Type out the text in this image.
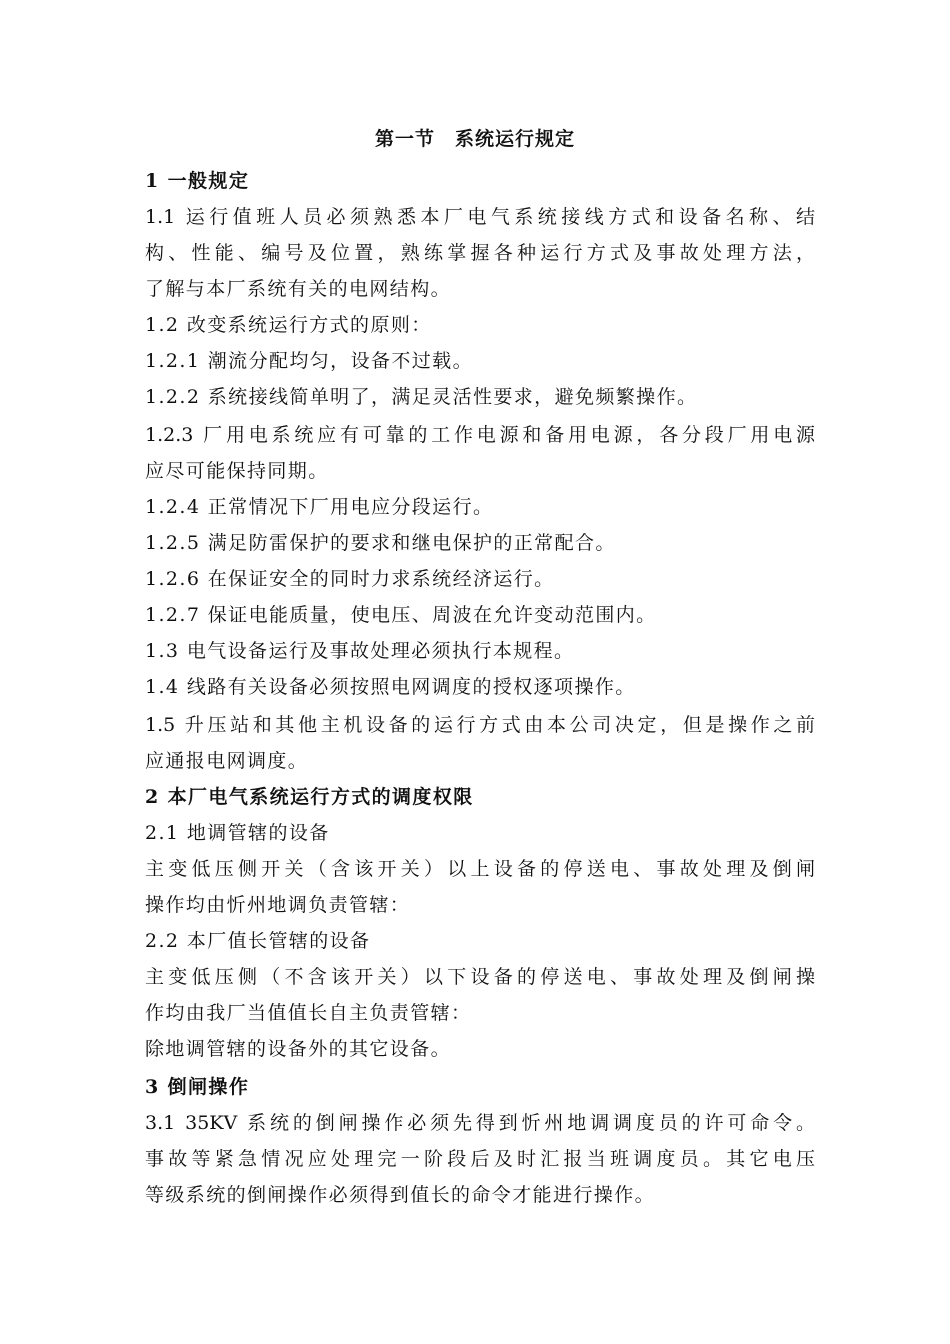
第一节　系统运行规定
1 一般规定
1.1 运行值班人员必须熟悉本厂电气系统接线方式和设备名称、结
构、性能、编号及位置，熟练掌握各种运行方式及事故处理方法，
了解与本厂系统有关的电网结构。
1.2 改变系统运行方式的原则：
1.2.1 潮流分配均匀，设备不过载。
1.2.2 系统接线简单明了，满足灵活性要求，避免频繁操作。
1.2.3 厂用电系统应有可靠的工作电源和备用电源，各分段厂用电源
应尽可能保持同期。
1.2.4 正常情况下厂用电应分段运行。
1.2.5 满足防雷保护的要求和继电保护的正常配合。
1.2.6 在保证安全的同时力求系统经济运行。
1.2.7 保证电能质量，使电压、周波在允许变动范围内。
1.3 电气设备运行及事故处理必须执行本规程。
1.4 线路有关设备必须按照电网调度的授权逐项操作。
1.5 升压站和其他主机设备的运行方式由本公司决定，但是操作之前
应通报电网调度。
2 本厂电气系统运行方式的调度权限
2.1 地调管辖的设备
主变低压侧开关（含该开关）以上设备的停送电、事故处理及倒闸
操作均由忻州地调负责管辖：
2.2 本厂值长管辖的设备
主变低压侧（不含该开关）以下设备的停送电、事故处理及倒闸操
作均由我厂当值值长自主负责管辖：
除地调管辖的设备外的其它设备。
3 倒闸操作
3.1 35KV 系统的倒闸操作必须先得到忻州地调调度员的许可命令。
事故等紧急情况应处理完一阶段后及时汇报当班调度员。其它电压
等级系统的倒闸操作必须得到值长的命令才能进行操作。
